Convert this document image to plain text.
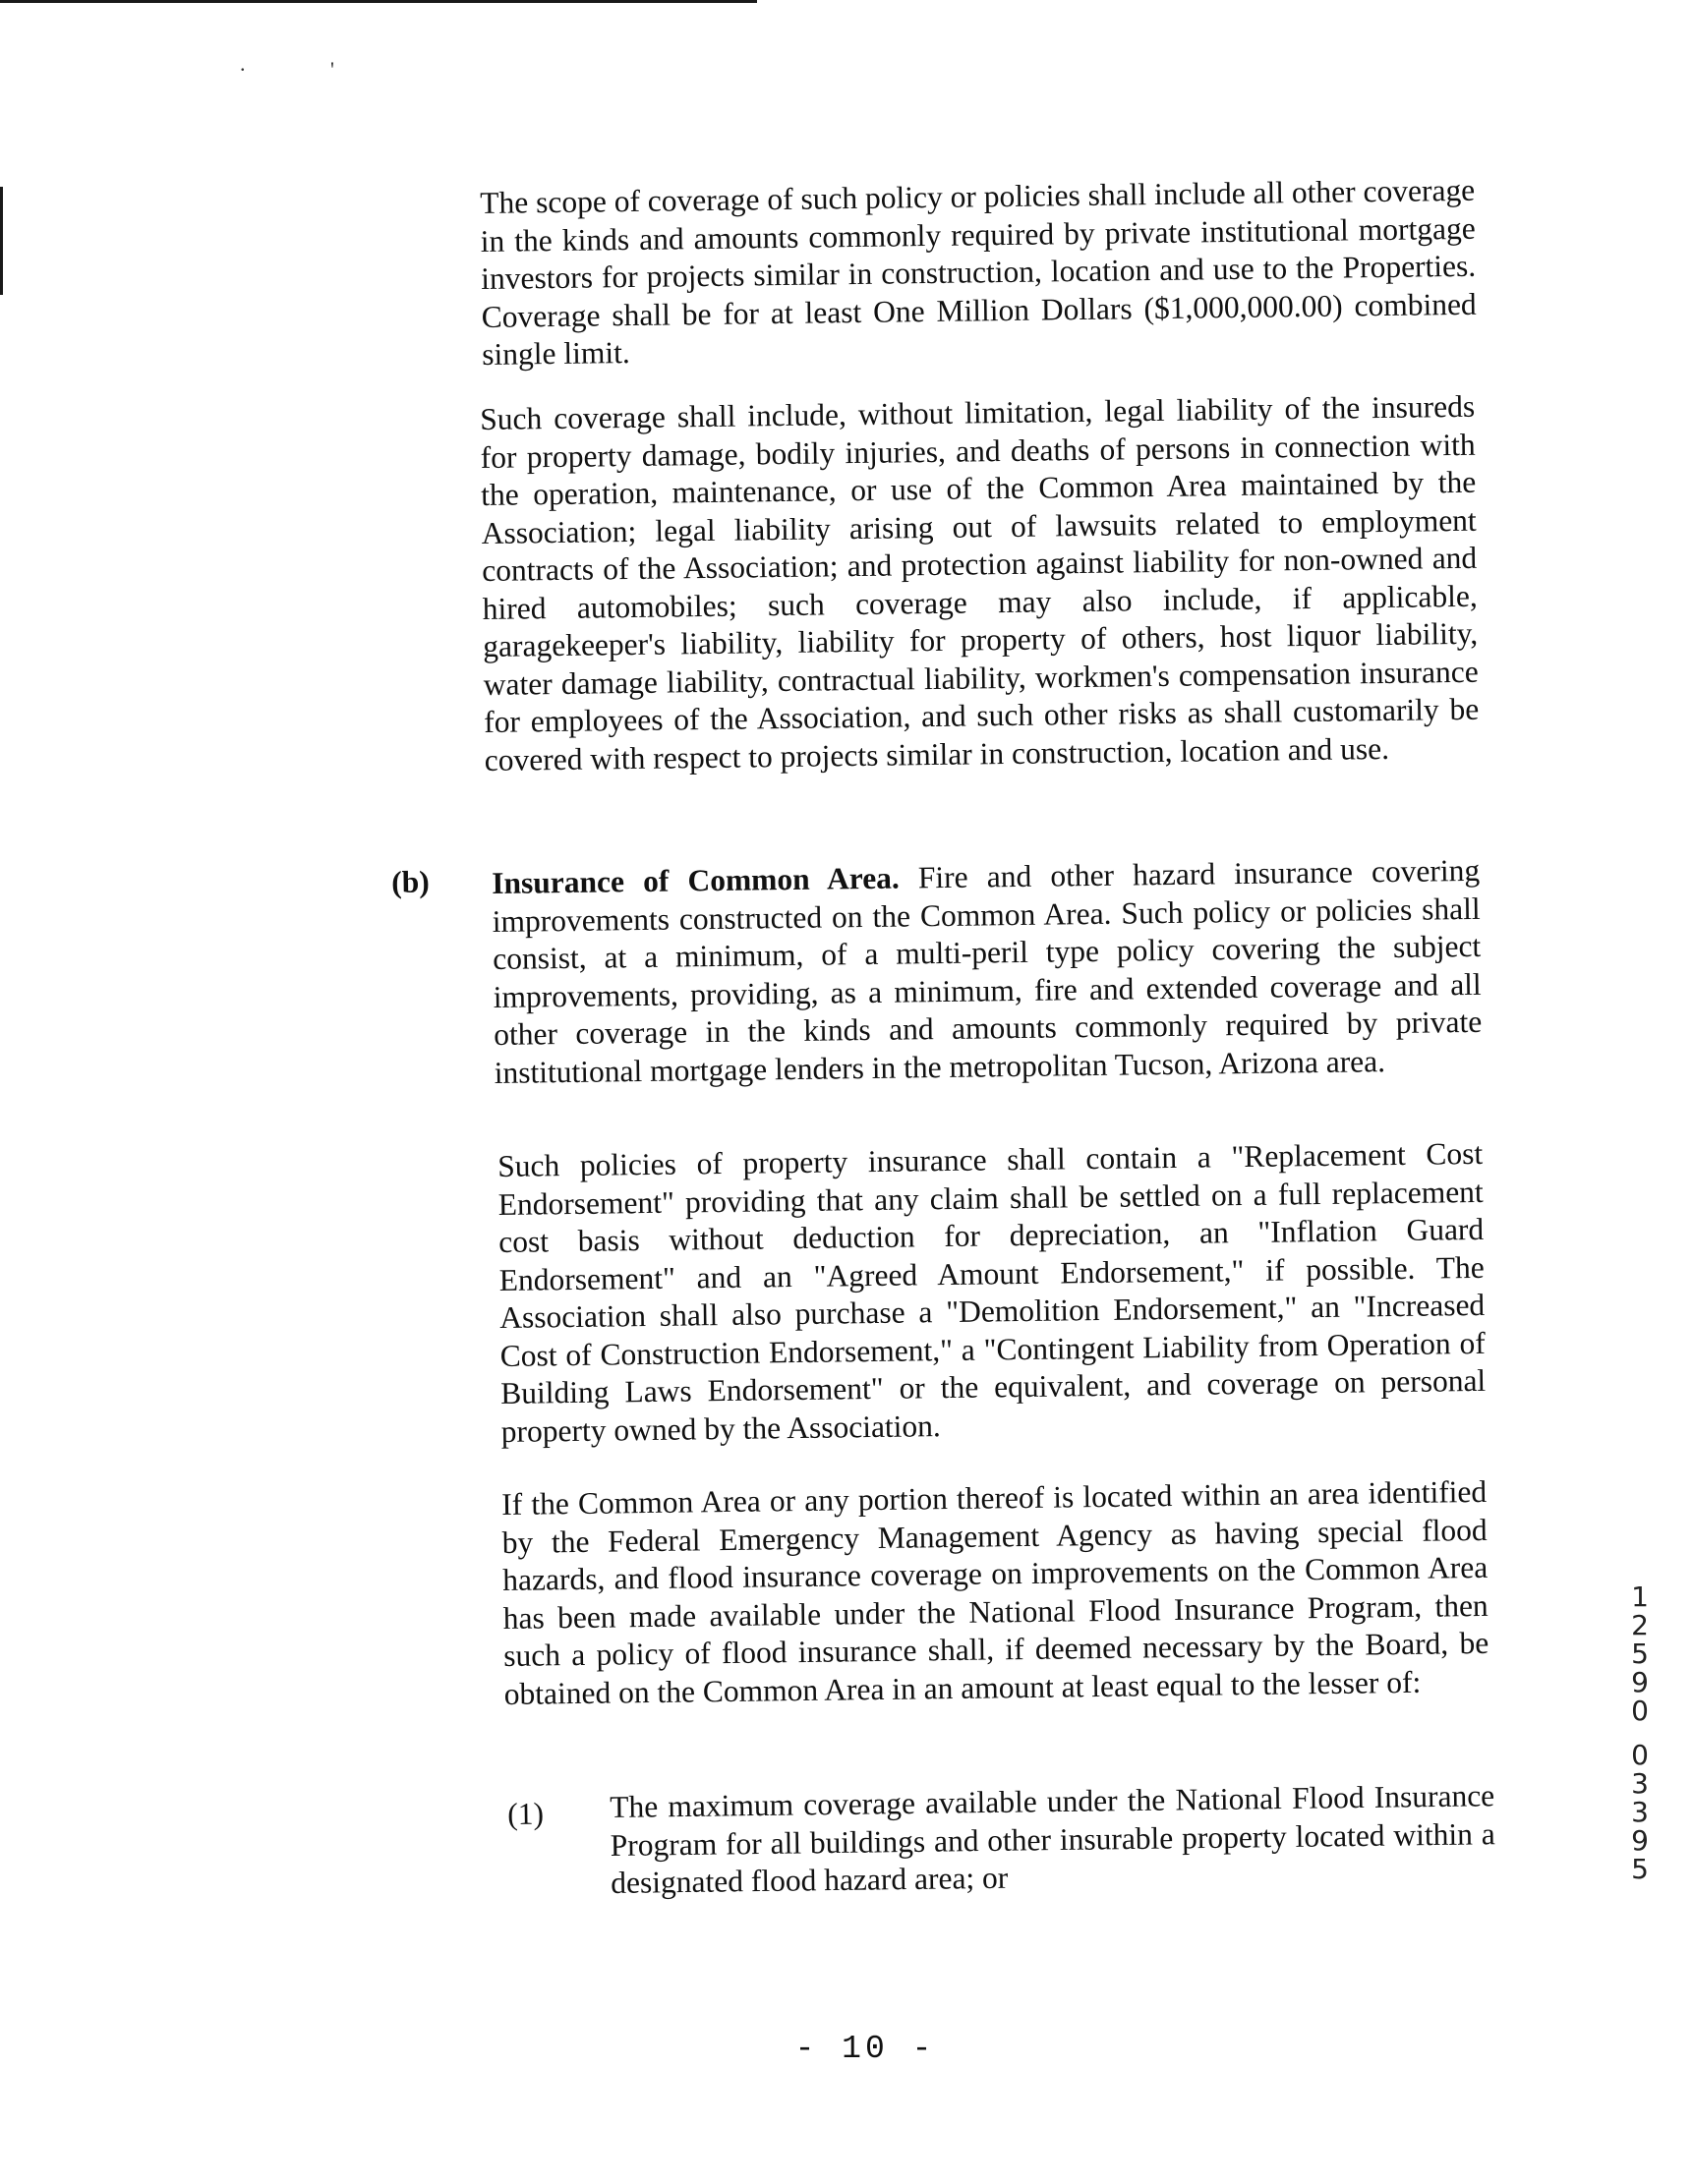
.	'
The scope of coverage of such policy or policies shall include all other coverage in the kinds and amounts commonly required by private institutional mortgage investors for projects similar in construction, location and use to the Properties. Coverage shall be for at least One Million Dollars ($1,000,000.00) combined single limit.
Such coverage shall include, without limitation, legal liability of the insureds for property damage, bodily injuries, and deaths of persons in connection with the operation, maintenance, or use of the Common Area maintained by the Association; legal liability arising out of lawsuits related to employment contracts of the Association; and protection against liability for non-owned and hired automobiles; such coverage may also include, if applicable, garagekeeper's liability, liability for property of others, host liquor liability, water damage liability, contractual liability, workmen's compensation insurance for employees of the Association, and such other risks as shall customarily be covered with respect to projects similar in construction, location and use.
(b) Insurance of Common Area. Fire and other hazard insurance covering improvements constructed on the Common Area. Such policy or policies shall consist, at a minimum, of a multi-peril type policy covering the subject improvements, providing, as a minimum, fire and extended coverage and all other coverage in the kinds and amounts commonly required by private institutional mortgage lenders in the metropolitan Tucson, Arizona area.
Such policies of property insurance shall contain a "Replacement Cost Endorsement" providing that any claim shall be settled on a full replacement cost basis without deduction for depreciation, an "Inflation Guard Endorsement" and an "Agreed Amount Endorsement," if possible. The Association shall also purchase a "Demolition Endorsement," an "Increased Cost of Construction Endorsement," a "Contingent Liability from Operation of Building Laws Endorsement" or the equivalent, and coverage on personal property owned by the Association.
If the Common Area or any portion thereof is located within an area identified by the Federal Emergency Management Agency as having special flood hazards, and flood insurance coverage on improvements on the Common Area has been made available under the National Flood Insurance Program, then such a policy of flood insurance shall, if deemed necessary by the Board, be obtained on the Common Area in an amount at least equal to the lesser of:
(1) The maximum coverage available under the National Flood Insurance Program for all buildings and other insurable property located within a designated flood hazard area; or
- 10 -
1
2
5
9
0
0
3
3
9
5
